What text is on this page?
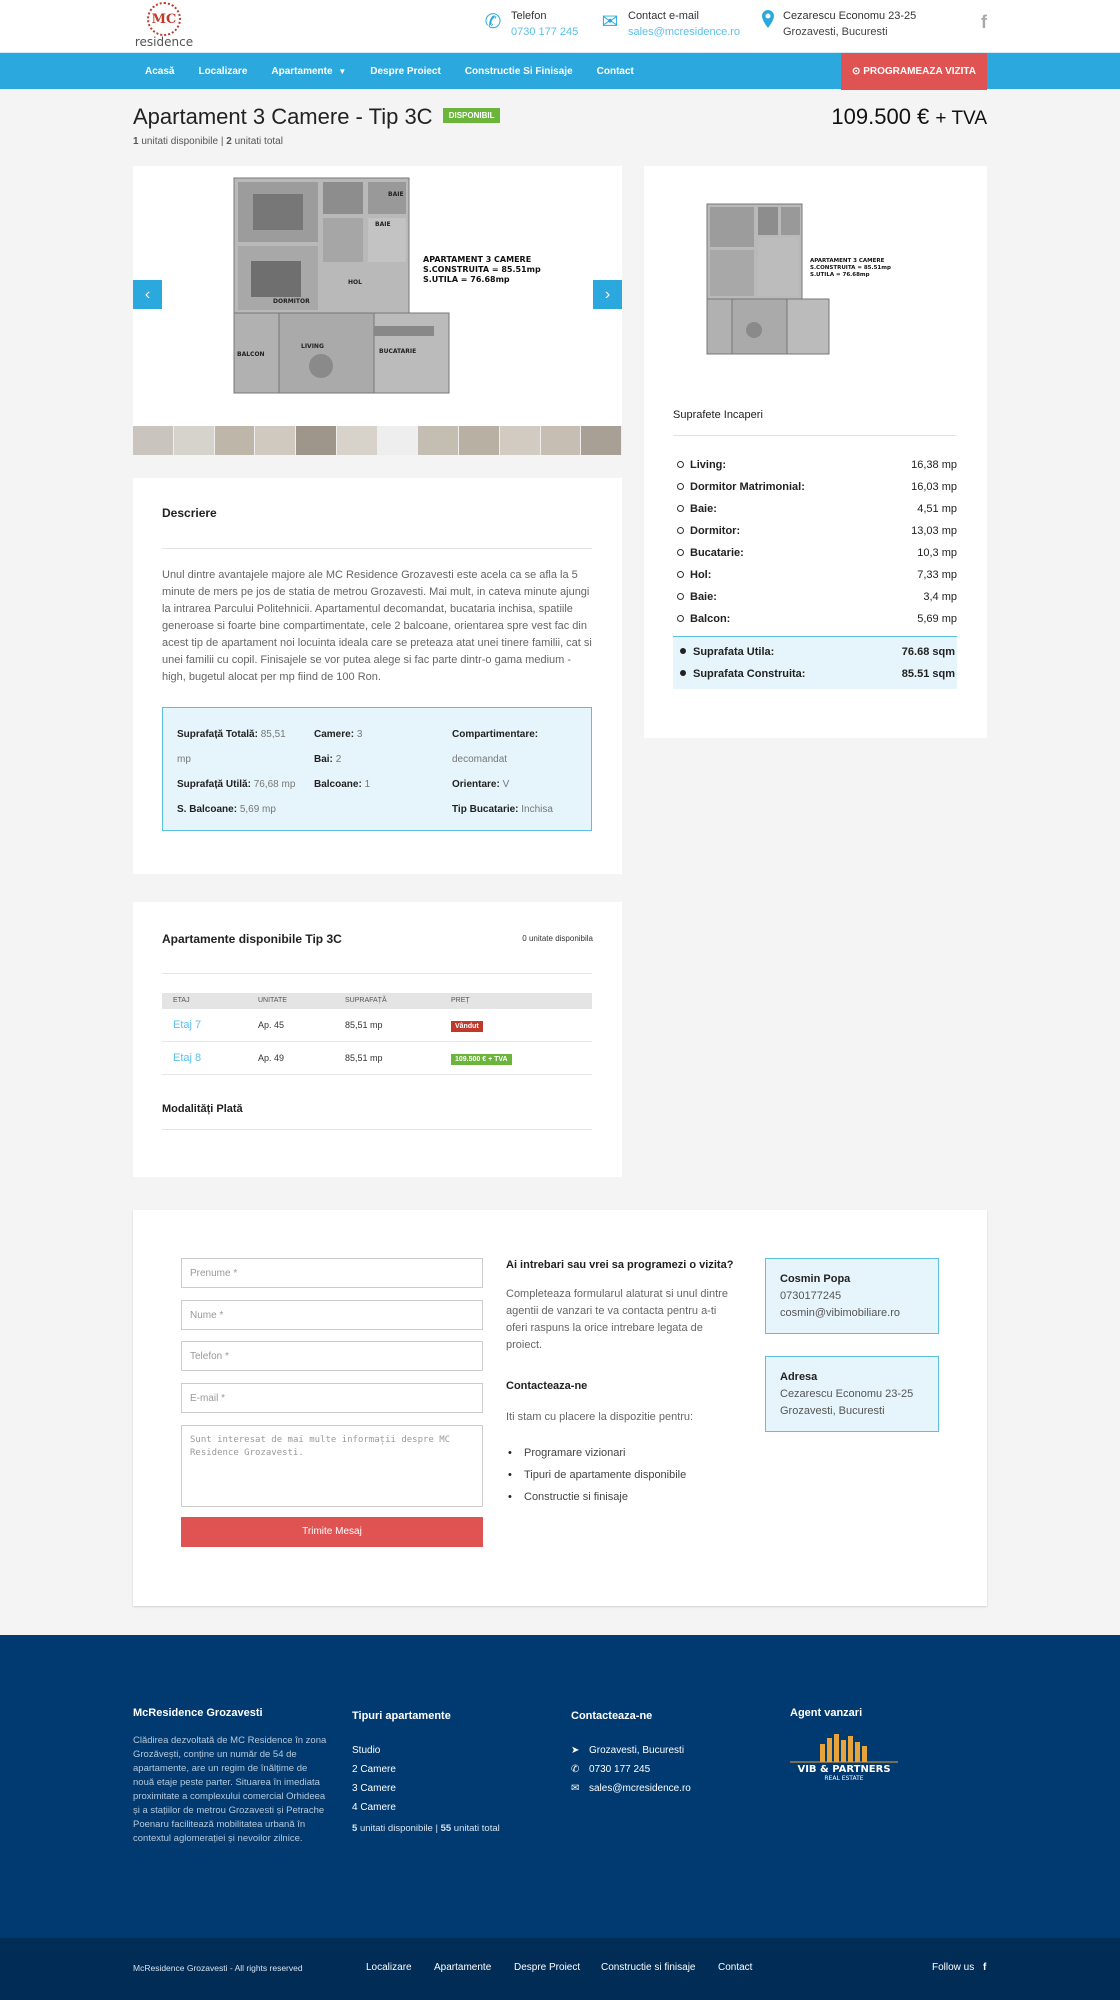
MC
residence
✆ Telefon
0730 177 245 ✉ Contact e-mail
sales@mcresidence.ro
Cezarescu Economu 23-25
Grozavesti, Bucuresti	f
Acasă	Localizare	Apartamente ▼	Despre Proiect	Constructie Si Finisaje	Contact	⊙ PROGRAMEAZA VIZITA
Apartament 3 Camere - Tip 3C DISPONIBIL
1 unitati disponibile | 2 unitati total
109.500 € + TVA
BAIE
BAIE
DORMITOR
HOL
BALCON
LIVING
BUCATARIE
APARTAMENT 3 CAMERE
S.CONSTRUITA = 85.51mp
S.UTILA = 76.68mp
‹	›
Descriere
Unul dintre avantajele majore ale MC Residence Grozavesti este acela ca se afla la 5 minute de mers pe jos de statia de metrou Grozavesti. Mai mult, in cateva minute ajungi la intrarea Parcului Politehnicii. Apartamentul decomandat, bucataria inchisa, spatiile generoase si foarte bine compartimentate, cele 2 balcoane, orientarea spre vest fac din acest tip de apartament noi locuinta ideala care se preteaza atat unei tinere familii, cat si unei familii cu copil. Finisajele se vor putea alege si fac parte dintr-o gama medium - high, bugetul alocat per mp fiind de 100 Ron.
Suprafață Totală: 85,51
mp
Suprafață Utilă: 76,68 mp
S. Balcoane: 5,69 mp
Camere: 3
Bai: 2
Balcoane: 1
Compartimentare:
decomandat
Orientare: V
Tip Bucatarie: Inchisa
Apartamente disponibile Tip 3C	0 unitate disponibila
ETAJ	UNITATE	SUPRAFAȚĂ	PREȚ
Etaj 7	Ap. 45	85,51 mp	Vândut
Etaj 8	Ap. 49	85,51 mp	109.500 € + TVA
Modalități Plată
APARTAMENT 3 CAMERE
S.CONSTRUITA = 85.51mp
S.UTILA = 76.68mp
Suprafete Incaperi
Living:	16,38 mp
Dormitor Matrimonial:	16,03 mp
Baie:	4,51 mp
Dormitor:	13,03 mp
Bucatarie:	10,3 mp
Hol:	7,33 mp
Baie:	3,4 mp
Balcon:	5,69 mp
Suprafata Utila:	76.68 sqm
Suprafata Construita:	85.51 sqm
Prenume *
Nume *
Telefon *
E-mail *
Sunt interesat de mai multe informații despre MC Residence Grozavesti.
Trimite Mesaj
Ai intrebari sau vrei sa programezi o vizita?
Completeaza formularul alaturat si unul dintre agentii de vanzari te va contacta pentru a-ti oferi raspuns la orice intrebare legata de proiect.
Contacteaza-ne
Iti stam cu placere la dispozitie pentru:
• Programare vizionari
• Tipuri de apartamente disponibile
• Constructie si finisaje
Cosmin Popa
0730177245
cosmin@vibimobiliare.ro
Adresa
Cezarescu Economu 23-25
Grozavesti, Bucuresti
McResidence Grozavesti
Clădirea dezvoltată de MC Residence în zona Grozăvești, conține un număr de 54 de apartamente, are un regim de înălțime de nouă etaje peste parter. Situarea în imediata proximitate a complexului comercial Orhideea și a stațiilor de metrou Grozavesti și Petrache Poenaru facilitează mobilitatea urbană în contextul aglomerației și nevoilor zilnice.
Tipuri apartamente
Studio
2 Camere
3 Camere
4 Camere
5 unitati disponibile | 55 unitati total
Contacteaza-ne
➤ Grozavesti, Bucuresti
✆ 0730 177 245
✉ sales@mcresidence.ro
Agent vanzari
VIB & PARTNERS
REAL ESTATE
McResidence Grozavesti - All rights reserved	Localizare Apartamente Despre Proiect Constructie si finisaje Contact	Follow us f
